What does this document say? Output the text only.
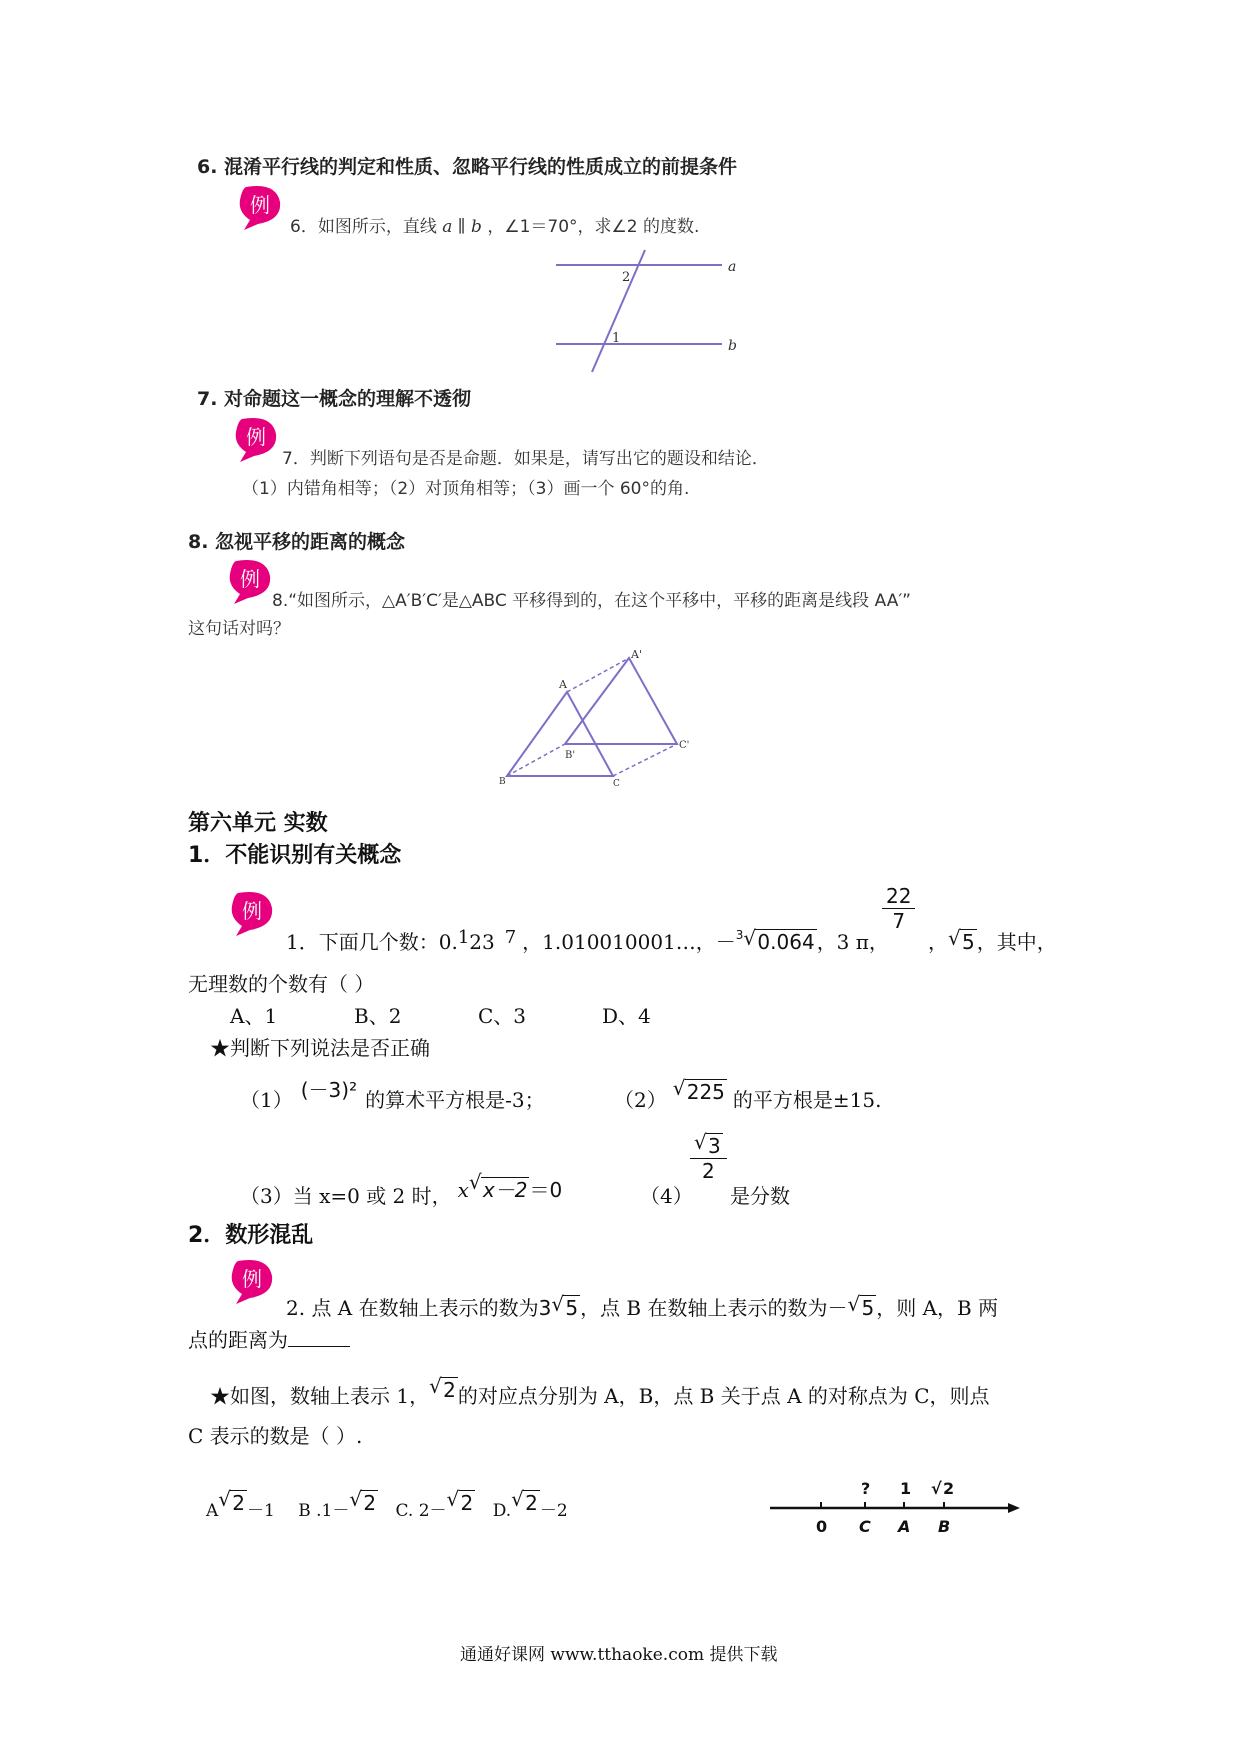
6. 混淆平行线的判定和性质、忽略平行线的性质成立的前提条件
例
6．如图所示，直线 a ∥ b ，∠1＝70°，求∠2 的度数.
a
b
2
1
7. 对命题这一概念的理解不透彻
例
7．判断下列语句是否是命题．如果是，请写出它的题设和结论．
（1）内错角相等；（2）对顶角相等；（3）画一个 60°的角.
8. 忽视平移的距离的概念
例
8.“如图所示，△A′B′C′是△ABC 平移得到的，在这个平移中，平移的距离是线段 AA′”
这句话对吗？
A
A'
B
B'
C
C'
第六单元 实数
1．不能识别有关概念
例
1．下面几个数：0.123 7 ，1.010010001…，－$^3$ √ 0.064 ，3 π，
$\frac{22}{7}$
， √ 5 ，其中，
无理数的个数有（ ）
A、1	B、2	C、3	D、4
★判断下列说法是否正确
（1） (－3)² 的算术平方根是-3；	（2） √ 225 的平方根是±15.
（3）当 x=0 或 2 时， x √ x－2 ＝0	（4）
$\frac{√ 3}{2}$
是分数
2．数形混乱
例
2. 点 A 在数轴上表示的数为3 √ 5 ，点 B 在数轴上表示的数为－ √ 5 ，则 A，B 两
点的距离为
★如图，数轴上表示 1， √ 2 的对应点分别为 A，B，点 B 关于点 A 的对称点为 C，则点
C 表示的数是（ ）.
A √ 2 －1 B .1－ √ 2 C. 2－ √ 2 D. √ 2 －2
? 1 √ 2
0 C A B
通通好课网 www.tthaoke.com 提供下载
